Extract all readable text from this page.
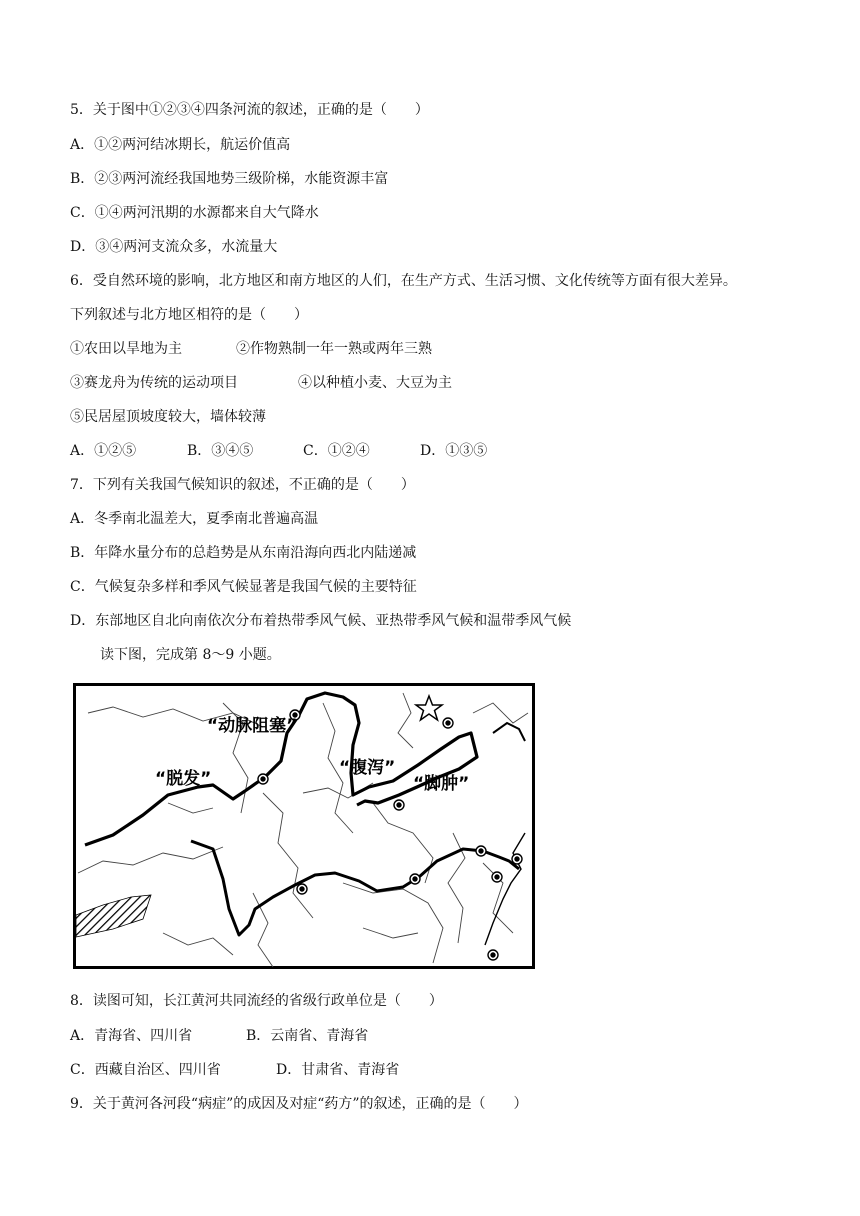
5．关于图中①②③④四条河流的叙述，正确的是（　　）
A．①②两河结冰期长，航运价值高
B．②③两河流经我国地势三级阶梯，水能资源丰富
C．①④两河汛期的水源都来自大气降水
D．③④两河支流众多，水流量大
6．受自然环境的影响，北方地区和南方地区的人们，在生产方式、生活习惯、文化传统等方面有很大差异。
下列叙述与北方地区相符的是（　　）
①农田以旱地为主	②作物熟制一年一熟或两年三熟
③赛龙舟为传统的运动项目	④以种植小麦、大豆为主
⑤民居屋顶坡度较大，墙体较薄
A．①②⑤	B．③④⑤	C．①②④	D．①③⑤
7．下列有关我国气候知识的叙述，不正确的是（　　）
A．冬季南北温差大，夏季南北普遍高温
B．年降水量分布的总趋势是从东南沿海向西北内陆递减
C．气候复杂多样和季风气候显著是我国气候的主要特征
D．东部地区自北向南依次分布着热带季风气候、亚热带季风气候和温带季风气候
读下图，完成第 8～9 小题。
“动脉阻塞”
“脱发”
“腹泻”
“脚肿”
8．读图可知，长江黄河共同流经的省级行政单位是（　　）
A．青海省、四川省	B．云南省、青海省
C．西藏自治区、四川省	D．甘肃省、青海省
9．关于黄河各河段“病症”的成因及对症“药方”的叙述，正确的是（　　）
